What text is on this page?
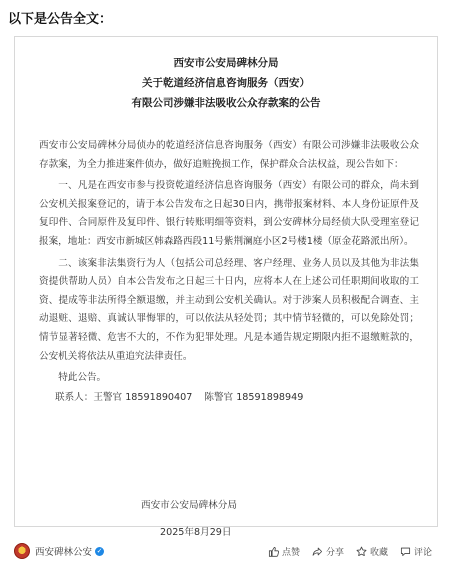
以下是公告全文：
西安市公安局碑林分局
关于乾道经济信息咨询服务（西安）
有限公司涉嫌非法吸收公众存款案的公告

西安市公安局碑林分局侦办的乾道经济信息咨询服务（西安）有限公司涉嫌非法吸收公众存款案，为全力推进案件侦办，做好追赃挽损工作，保护群众合法权益，现公告如下：

一、凡是在西安市参与投资乾道经济信息咨询服务（西安）有限公司的群众，尚未到公安机关报案登记的，请于本公告发布之日起30日内，携带报案材料、本人身份证原件及复印件、合同原件及复印件、银行转账明细等资料，到公安碑林分局经侦大队受理室登记报案，地址：西安市新城区韩森路西段11号紫荆澜庭小区2号楼1楼（原金花路派出所）。

二、该案非法集资行为人（包括公司总经理、客户经理、业务人员以及其他为非法集资提供帮助人员）自本公告发布之日起三十日内，应将本人在上述公司任职期间收取的工资、提成等非法所得全额退缴，并主动到公安机关确认。对于涉案人员积极配合调查、主动退赃、退赔、真诚认罪悔罪的，可以依法从轻处罚；其中情节轻微的，可以免除处罚；情节显著轻微、危害不大的，不作为犯罪处理。凡是本通告规定期限内拒不退缴赃款的，公安机关将依法从重追究法律责任。

特此公告。

联系人：王警官 18591890407 陈警官 18591898949
西安市公安局碑林分局
2025年8月29日
西安碑林公安 ✓	点赞	分享	收藏	评论
